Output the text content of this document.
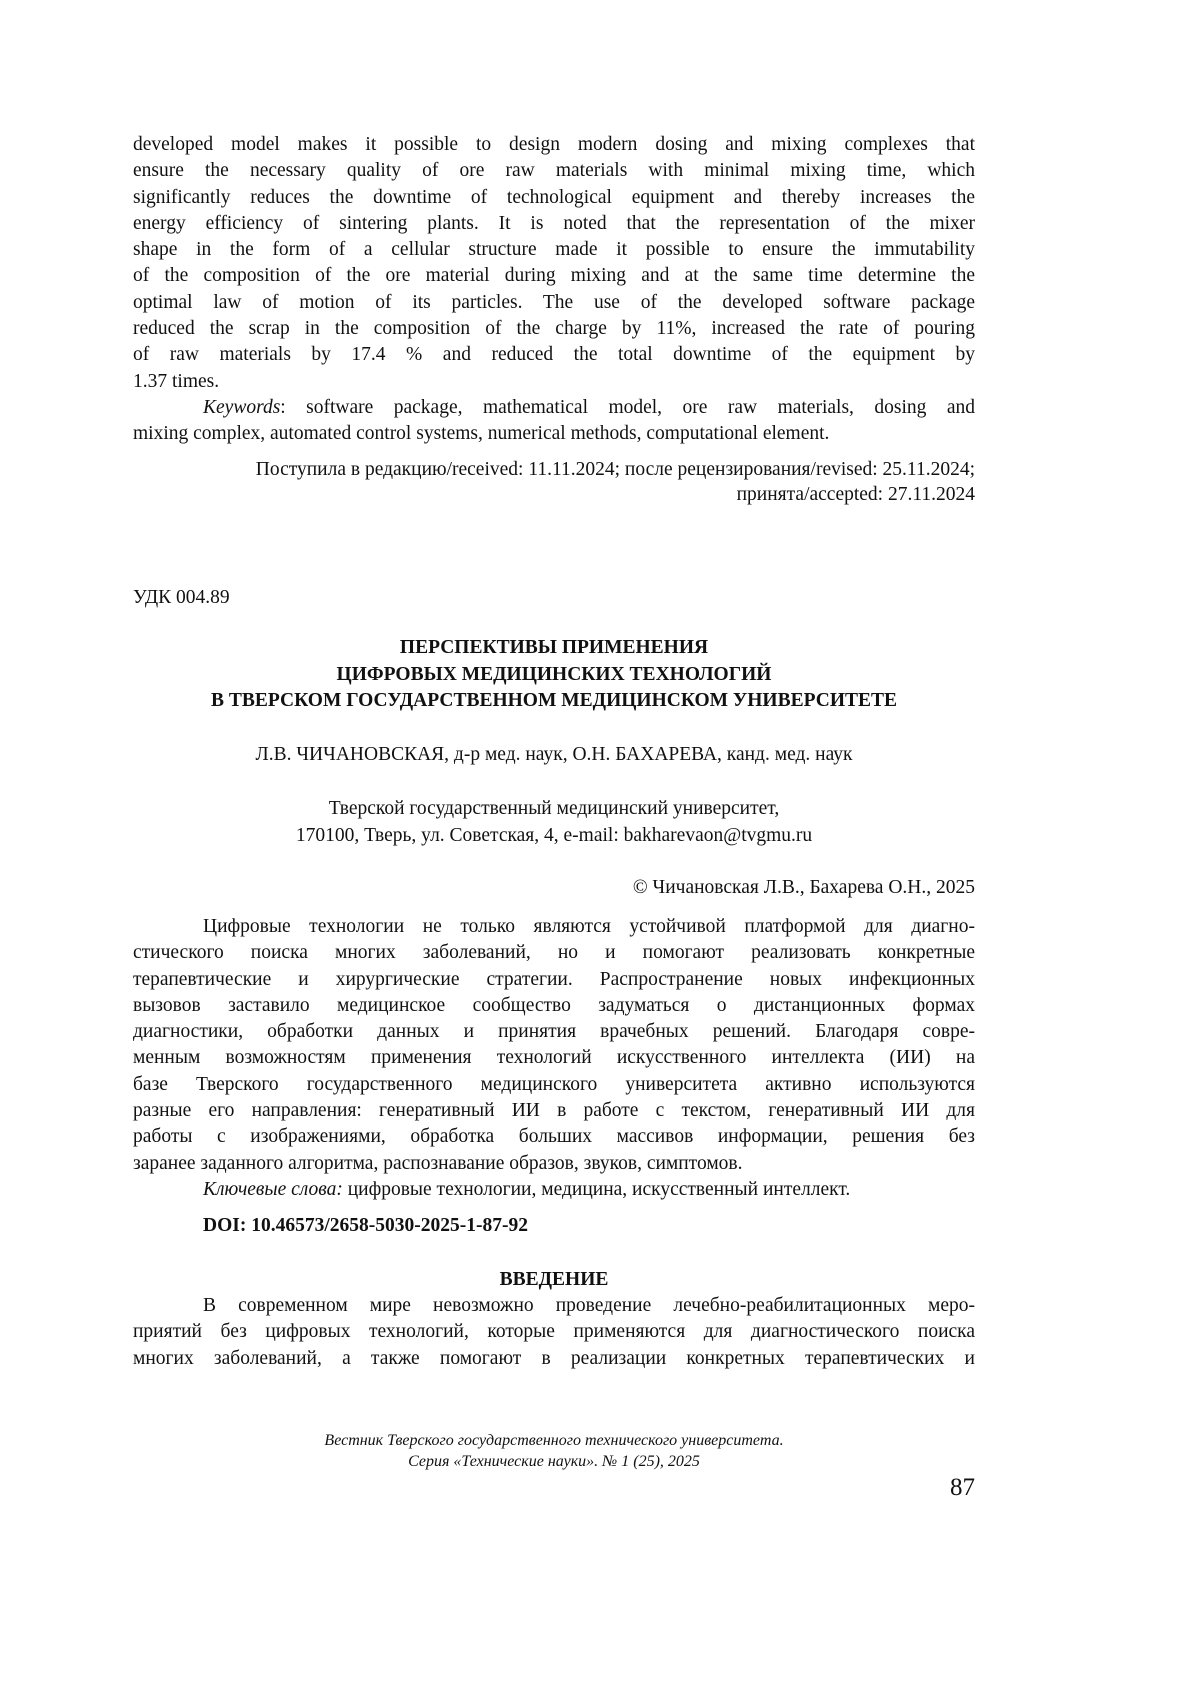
developed model makes it possible to design modern dosing and mixing complexes that
ensure the necessary quality of ore raw materials with minimal mixing time, which
significantly reduces the downtime of technological equipment and thereby increases the
energy efficiency of sintering plants. It is noted that the representation of the mixer
shape in the form of a cellular structure made it possible to ensure the immutability
of the composition of the ore material during mixing and at the same time determine the
optimal law of motion of its particles. The use of the developed software package
reduced the scrap in the composition of the charge by 11%, increased the rate of pouring
of raw materials by 17.4 % and reduced the total downtime of the equipment by
1.37 times.
Keywords: software package, mathematical model, ore raw materials, dosing and
mixing complex, automated control systems, numerical methods, computational element.
Поступила в редакцию/received: 11.11.2024; после рецензирования/revised: 25.11.2024;
принята/accepted: 27.11.2024
УДК 004.89
ПЕРСПЕКТИВЫ ПРИМЕНЕНИЯ
ЦИФРОВЫХ МЕДИЦИНСКИХ ТЕХНОЛОГИЙ
В ТВЕРСКОМ ГОСУДАРСТВЕННОМ МЕДИЦИНСКОМ УНИВЕРСИТЕТЕ
Л.В. ЧИЧАНОВСКАЯ, д-р мед. наук, О.Н. БАХАРЕВА, канд. мед. наук
Тверской государственный медицинский университет,
170100, Тверь, ул. Советская, 4, e-mail: bakharevaon@tvgmu.ru
© Чичановская Л.В., Бахарева О.Н., 2025
Цифровые технологии не только являются устойчивой платформой для диагно-
стического поиска многих заболеваний, но и помогают реализовать конкретные
терапевтические и хирургические стратегии. Распространение новых инфекционных
вызовов заставило медицинское сообщество задуматься о дистанционных формах
диагностики, обработки данных и принятия врачебных решений. Благодаря совре-
менным возможностям применения технологий искусственного интеллекта (ИИ) на
базе Тверского государственного медицинского университета активно используются
разные его направления: генеративный ИИ в работе с текстом, генеративный ИИ для
работы с изображениями, обработка больших массивов информации, решения без
заранее заданного алгоритма, распознавание образов, звуков, симптомов.
Ключевые слова: цифровые технологии, медицина, искусственный интеллект.
DOI: 10.46573/2658-5030-2025-1-87-92
ВВЕДЕНИЕ
В современном мире невозможно проведение лечебно-реабилитационных меро-
приятий без цифровых технологий, которые применяются для диагностического поиска
многих заболеваний, а также помогают в реализации конкретных терапевтических и
Вестник Тверского государственного технического университета.
Серия «Технические науки». № 1 (25), 2025
87
